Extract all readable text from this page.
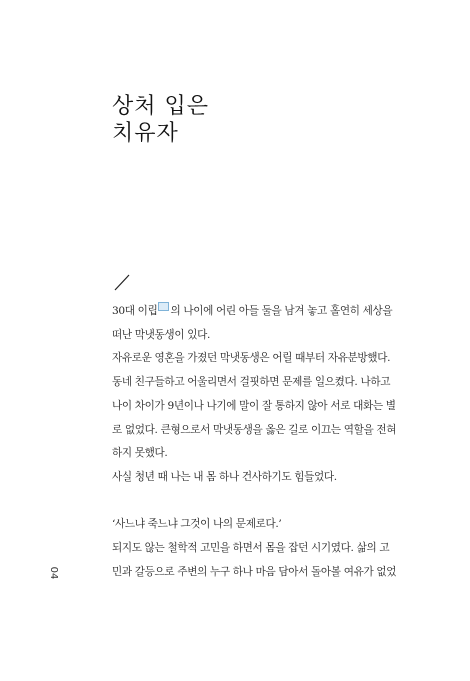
상처 입은
치유자

30대 이립 의 나이에 어린 아들 둘을 남겨 놓고 홀연히 세상을

떠난 막냇동생이 있다.

자유로운 영혼을 가졌던 막냇동생은 어릴 때부터 자유분방했다.

동네 친구들하고 어울리면서 걸핏하면 문제를 일으켰다. 나하고

나이 차이가 9년이나 나기에 말이 잘 통하지 않아 서로 대화는 별

로 없었다. 큰형으로서 막냇동생을 옳은 길로 이끄는 역할을 전혀

하지 못했다.

사실 청년 때 나는 내 몸 하나 건사하기도 힘들었다.

‘사느냐 죽느냐 그것이 나의 문제로다.’

되지도 않는 철학적 고민을 하면서 몸을 잡던 시기였다. 삶의 고

민과 갈등으로 주변의 누구 하나 마음 담아서 돌아볼 여유가 없었

04
